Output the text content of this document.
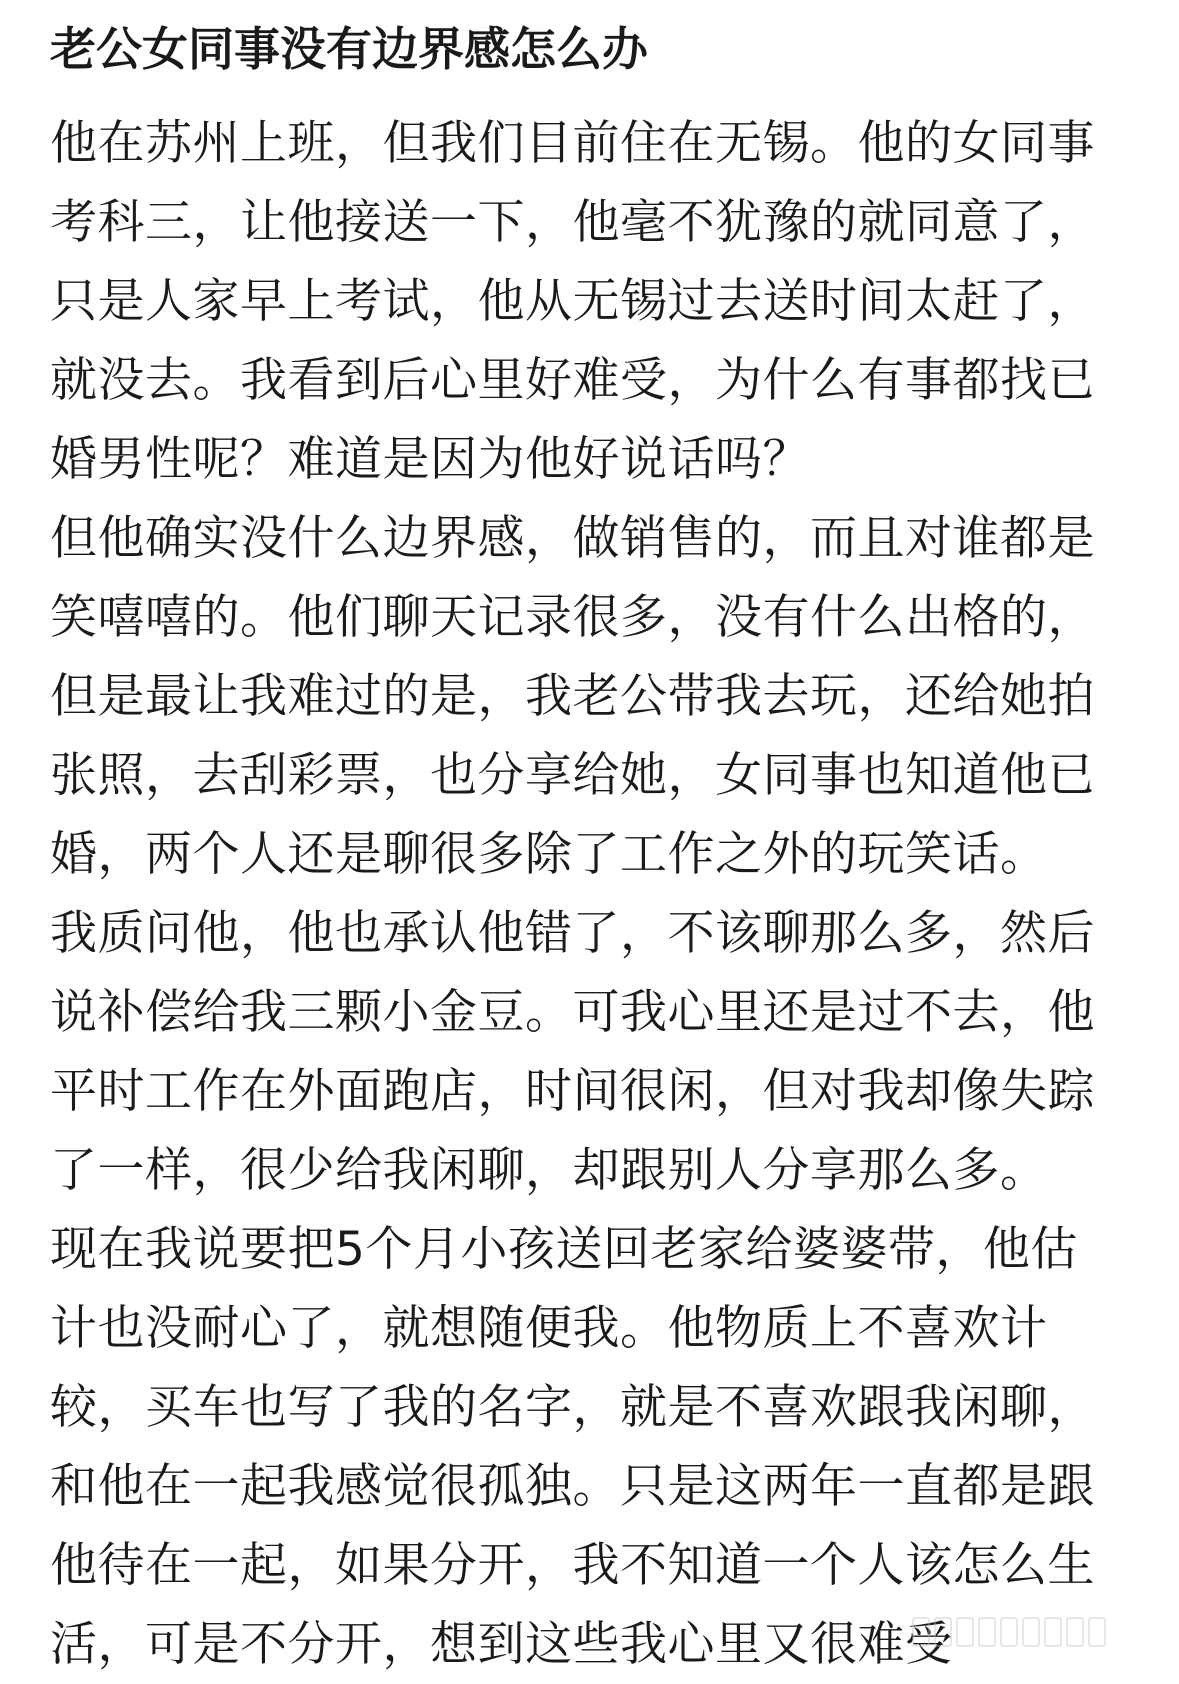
老公女同事没有边界感怎么办
他在苏州上班，但我们目前住在无锡。他的女同事
考科三，让他接送一下，他毫不犹豫的就同意了，
只是人家早上考试，他从无锡过去送时间太赶了，
就没去。我看到后心里好难受，为什么有事都找已
婚男性呢？难道是因为他好说话吗？
但他确实没什么边界感，做销售的，而且对谁都是
笑嘻嘻的。他们聊天记录很多，没有什么出格的，
但是最让我难过的是，我老公带我去玩，还给她拍
张照，去刮彩票，也分享给她，女同事也知道他已
婚，两个人还是聊很多除了工作之外的玩笑话。
我质问他，他也承认他错了，不该聊那么多，然后
说补偿给我三颗小金豆。可我心里还是过不去，他
平时工作在外面跑店，时间很闲，但对我却像失踪
了一样，很少给我闲聊，却跟别人分享那么多。
现在我说要把5个月小孩送回老家给婆婆带，他估
计也没耐心了，就想随便我。他物质上不喜欢计
较，买车也写了我的名字，就是不喜欢跟我闲聊，
和他在一起我感觉很孤独。只是这两年一直都是跟
他待在一起，如果分开，我不知道一个人该怎么生
活，可是不分开，想到这些我心里又很难受
